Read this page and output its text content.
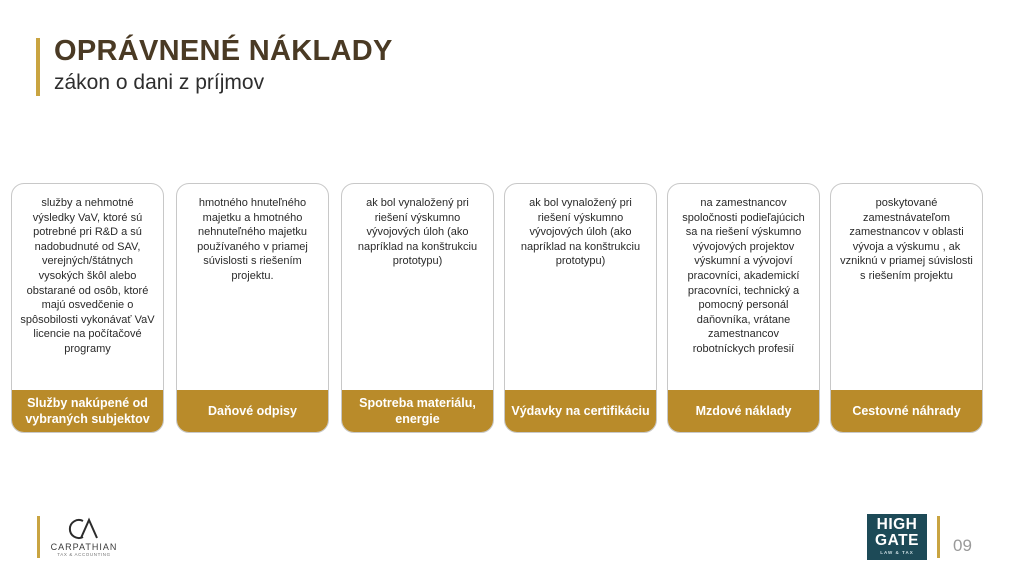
OPRÁVNENÉ NÁKLADY
zákon o dani z príjmov
služby a nehmotné výsledky VaV, ktoré sú potrebné pri R&D a sú nadobudnuté od SAV, verejných/štátnych vysokých škôl alebo obstarané od osôb, ktoré majú osvedčenie o spôsobilosti vykonávať VaV licencie na počítačové programy
Služby nakúpené od vybraných subjektov
hmotného hnuteľného majetku a hmotného nehnuteľného majetku používaného v priamej súvislosti s riešením projektu.
Daňové odpisy
ak bol vynaložený pri riešení výskumno vývojových úloh (ako napríklad na konštrukciu prototypu)
Spotreba materiálu, energie
ak bol vynaložený pri riešení výskumno vývojových úloh (ako napríklad na konštrukciu prototypu)
Výdavky na certifikáciu
na zamestnancov spoločnosti podieľajúcich sa na riešení výskumno vývojových projektov výskumní a vývojoví pracovníci, akademickí pracovníci, technický a pomocný personál daňovníka, vrátane zamestnancov robotníckych profesií
Mzdové náklady
poskytované zamestnávateľom zamestnancov v oblasti vývoja a výskumu , ak vzniknú v priamej súvislosti s riešením projektu
Cestovné náhrady
CARPATHIAN
TAX & ACCOUNTING
HIGH
GATE
LAW & TAX	09
